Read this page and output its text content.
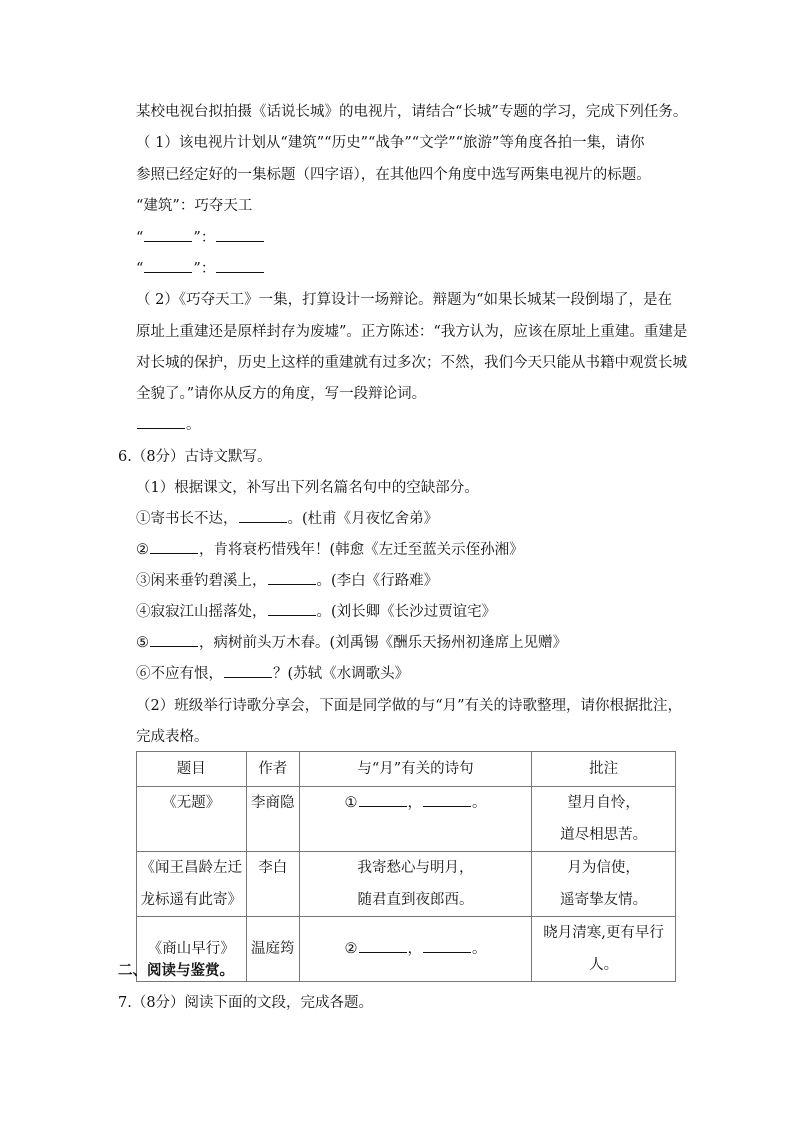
某校电视台拟拍摄《话说长城》的电视片，请结合“长城”专题的学习，完成下列任务。
（ 1）该电视片计划从“建筑”“历史”“战争”“文学”“旅游”等角度各拍一集，请你
参照已经定好的一集标题（四字语），在其他四个角度中选写两集电视片的标题。
“建筑”：巧夺天工
“	”：
“	”：
（ 2）《巧夺天工》一集，打算设计一场辩论。辩题为“如果长城某一段倒塌了，是在
原址上重建还是原样封存为废墟”。正方陈述：“我方认为，应该在原址上重建。重建是
对长城的保护，历史上这样的重建就有过多次；不然，我们今天只能从书籍中观赏长城
全貌了。”请你从反方的角度，写一段辩论词。
。
6.（8分）古诗文默写。
（1）根据课文，补写出下列名篇名句中的空缺部分。
①寄书长不达，	。(杜甫《月夜忆舍弟》
②	，肯将衰朽惜残年！(韩愈《左迁至蓝关示侄孙湘》
③闲来垂钓碧溪上，	。(李白《行路难》
④寂寂江山摇落处，	。(刘长卿《长沙过贾谊宅》
⑤	，病树前头万木春。(刘禹锡《酬乐天扬州初逢席上见赠》
⑥不应有恨，	？(苏轼《水调歌头》
（2）班级举行诗歌分享会，下面是同学做的与“月”有关的诗歌整理，请你根据批注，
完成表格。
题目	作者	与“月”有关的诗句	批注

《无题》	李商隐	① ， 。	望月自怜，
道尽相思苦。

《闻王昌龄左迁
龙标遥有此寄》	李白	我寄愁心与明月，
随君直到夜郎西。	月为信使，
遥寄挚友情。

《商山早行》	温庭筠	② ， 。	晓月清寒,更有早行人。
二、阅读与鉴赏。
7.（8分）阅读下面的文段，完成各题。
